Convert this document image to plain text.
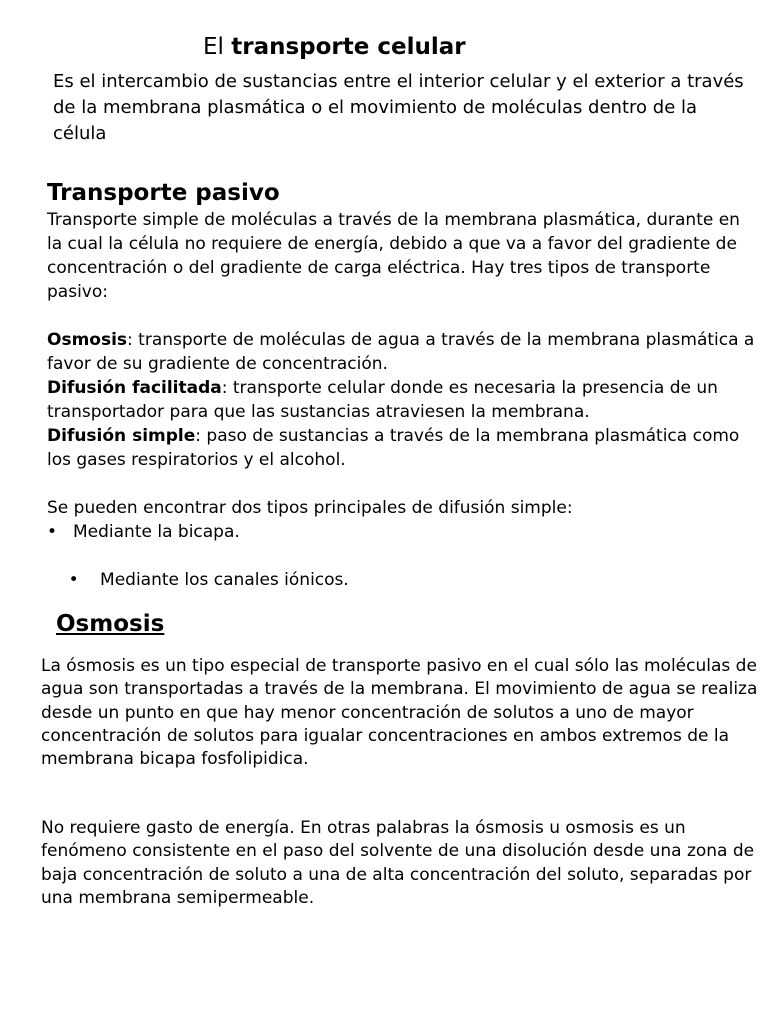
El transporte celular

Es el intercambio de sustancias entre el interior celular y el exterior a través de la membrana plasmática o el movimiento de moléculas dentro de la célula

Transporte pasivo
Transporte simple de moléculas a través de la membrana plasmática, durante en la cual la célula no requiere de energía, debido a que va a favor del gradiente de concentración o del gradiente de carga eléctrica. Hay tres tipos de transporte pasivo:
Osmosis: transporte de moléculas de agua a través de la membrana plasmática a favor de su gradiente de concentración.
Difusión facilitada: transporte celular donde es necesaria la presencia de un transportador para que las sustancias atraviesen la membrana.
Difusión simple: paso de sustancias a través de la membrana plasmática como los gases respiratorios y el alcohol.
Se pueden encontrar dos tipos principales de difusión simple:
• Mediante la bicapa.

• Mediante los canales iónicos.

Osmosis

La ósmosis es un tipo especial de transporte pasivo en el cual sólo las moléculas de agua son transportadas a través de la membrana. El movimiento de agua se realiza desde un punto en que hay menor concentración de solutos a uno de mayor concentración de solutos para igualar concentraciones en ambos extremos de la membrana bicapa fosfolipidica.

No requiere gasto de energía. En otras palabras la ósmosis u osmosis es un fenómeno consistente en el paso del solvente de una disolución desde una zona de baja concentración de soluto a una de alta concentración del soluto, separadas por una membrana semipermeable.
